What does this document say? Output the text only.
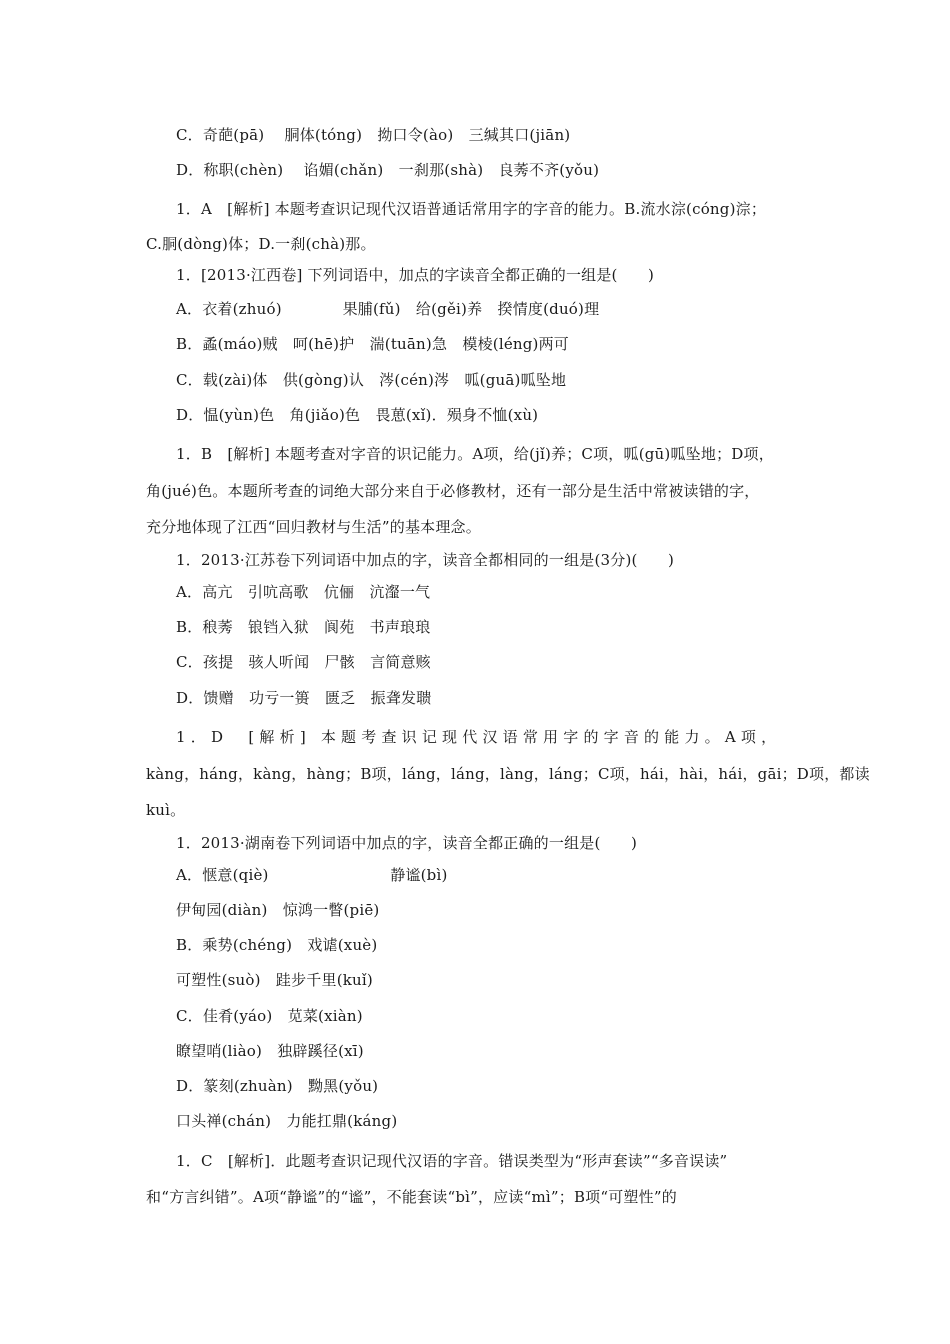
C．奇葩(pā)　 胴体(tóng)　拗口令(ào)　三缄其口(jiān)
D．称职(chèn)　 谄媚(chǎn)　一刹那(shà)　良莠不齐(yǒu)
1．A　[解析] 本题考查识记现代汉语普通话常用字的字音的能力。B.流水淙(cóng)淙；
C.胴(dòng)体；D.一刹(chà)那。
1．[2013·江西卷] 下列词语中，加点的字读音全都正确的一组是(　　)
A．衣着(zhuó)　　　　果脯(fǔ)　给(gěi)养　揆情度(duó)理
B．蟊(máo)贼　呵(hē)护　湍(tuān)急　模棱(léng)两可
C．载(zài)体　供(gòng)认　涔(cén)涔　呱(guā)呱坠地
D．愠(yùn)色　角(jiǎo)色　畏葸(xǐ)．殒身不恤(xù)
1．B　[解析] 本题考查对字音的识记能力。A项，给(jǐ)养；C项，呱(gū)呱坠地；D项，
角(jué)色。本题所考查的词绝大部分来自于必修教材，还有一部分是生活中常被读错的字，
充分地体现了江西“回归教材与生活”的基本理念。
1．2013·江苏卷下列词语中加点的字，读音全都相同的一组是(3分)(　　)
A．高亢　引吭高歌　伉俪　沆瀣一气
B．稂莠　锒铛入狱　阆苑　书声琅琅
C．孩提　骇人听闻　尸骸　言简意赅
D．馈赠　功亏一篑　匮乏　振聋发聩
1．D　[解析] 本题考查识记现代汉语常用字的字音的能力。A项，
kàng，háng，kàng，hàng；B项，láng，láng，làng，láng；C项，hái，hài，hái，gāi；D项，都读
kuì。
1．2013·湖南卷下列词语中加点的字，读音全都正确的一组是(　　)
A．惬意(qiè)　　　　　　　　静谧(bì)
伊甸园(diàn)　惊鸿一瞥(piē)
B．乘势(chéng)　戏谑(xuè)
可塑性(suò)　跬步千里(kuǐ)
C．佳肴(yáo)　苋菜(xiàn)
瞭望哨(liào)　独辟蹊径(xī)
D．篆刻(zhuàn)　黝黑(yǒu)
口头禅(chán)　力能扛鼎(káng)
1．C　[解析]．此题考查识记现代汉语的字音。错误类型为“形声套读”“多音误读”
和“方言纠错”。A项“静谧”的“谧”，不能套读“bì”，应读“mì”；B项“可塑性”的
